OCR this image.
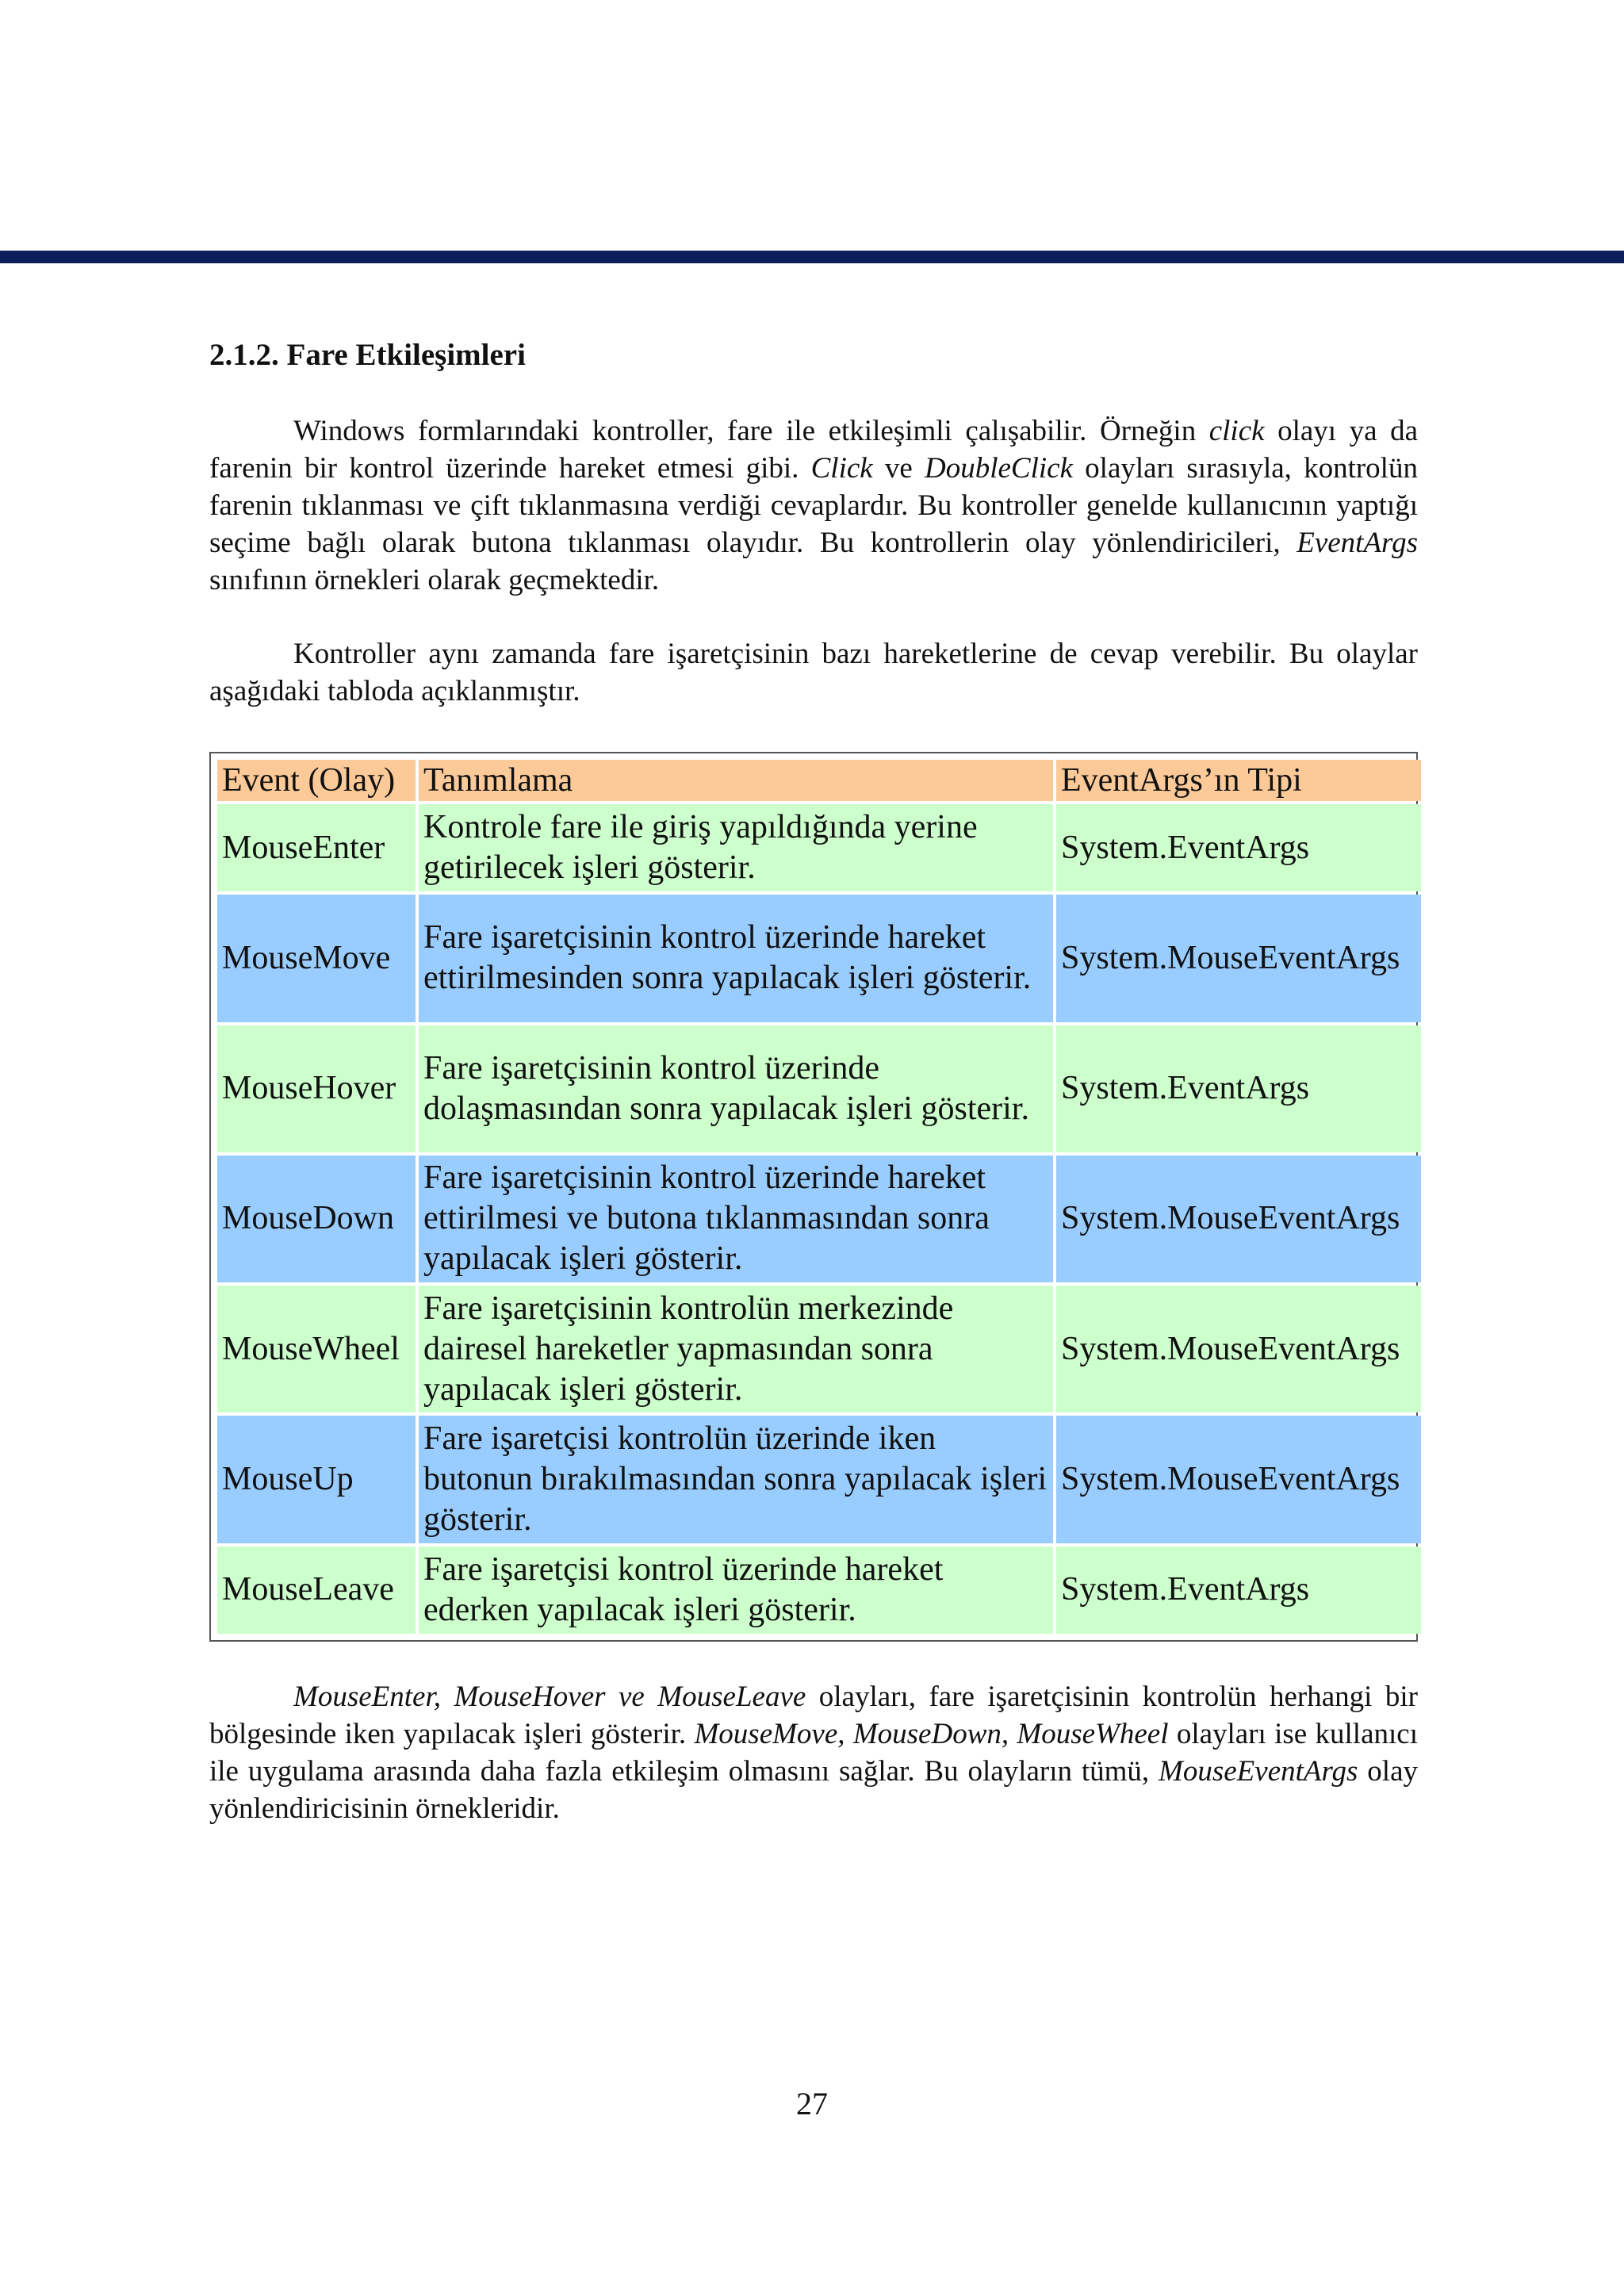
2.1.2. Fare Etkileşimleri

Windows formlarındaki kontroller, fare ile etkileşimli çalışabilir. Örneğin click olayı ya da farenin bir kontrol üzerinde hareket etmesi gibi. Click ve DoubleClick olayları sırasıyla, kontrolün farenin tıklanması ve çift tıklanmasına verdiği cevaplardır. Bu kontroller genelde kullanıcının yaptığı seçime bağlı olarak butona tıklanması olayıdır. Bu kontrollerin olay yönlendiricileri, EventArgs sınıfının örnekleri olarak geçmektedir.

Kontroller aynı zamanda fare işaretçisinin bazı hareketlerine de cevap verebilir. Bu olaylar aşağıdaki tabloda açıklanmıştır.

Event (Olay)	Tanımlama	EventArgs’ın Tipi
MouseEnter	Kontrole fare ile giriş yapıldığında yerine getirilecek işleri gösterir.	System.EventArgs
MouseMove	Fare işaretçisinin kontrol üzerinde hareket ettirilmesinden sonra yapılacak işleri gösterir.	System.MouseEventArgs
MouseHover	Fare işaretçisinin kontrol üzerinde dolaşmasından sonra yapılacak işleri gösterir.	System.EventArgs
MouseDown	Fare işaretçisinin kontrol üzerinde hareket ettirilmesi ve butona tıklanmasından sonra yapılacak işleri gösterir.	System.MouseEventArgs
MouseWheel	Fare işaretçisinin kontrolün merkezinde dairesel hareketler yapmasından sonra yapılacak işleri gösterir.	System.MouseEventArgs
MouseUp	Fare işaretçisi kontrolün üzerinde iken butonun bırakılmasından sonra yapılacak işleri gösterir.	System.MouseEventArgs
MouseLeave	Fare işaretçisi kontrol üzerinde hareket ederken yapılacak işleri gösterir.	System.EventArgs

MouseEnter, MouseHover ve MouseLeave olayları, fare işaretçisinin kontrolün herhangi bir bölgesinde iken yapılacak işleri gösterir. MouseMove, MouseDown, MouseWheel olayları ise kullanıcı ile uygulama arasında daha fazla etkileşim olmasını sağlar. Bu olayların tümü, MouseEventArgs olay yönlendiricisinin örnekleridir.

27
